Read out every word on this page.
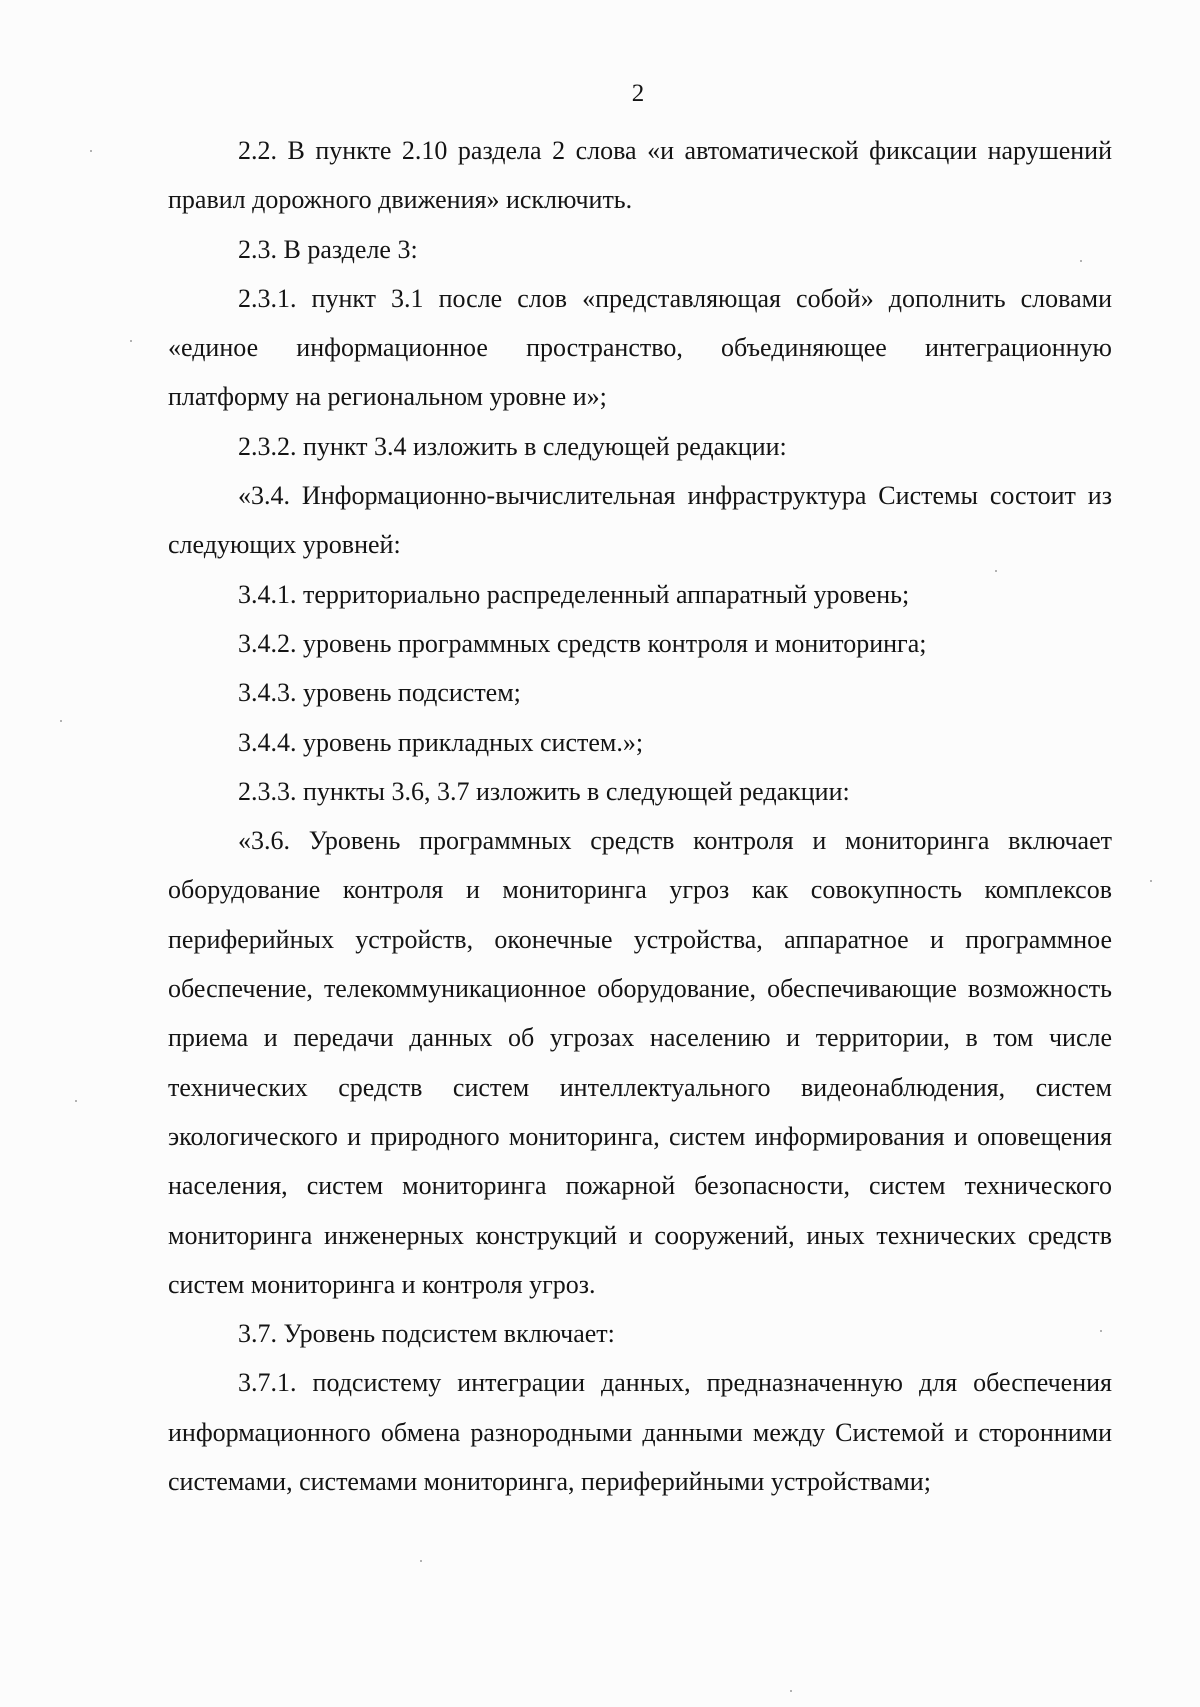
2

2.2. В пункте 2.10 раздела 2 слова «и автоматической фиксации нарушений правил дорожного движения» исключить.

2.3. В разделе 3:

2.3.1. пункт 3.1 после слов «представляющая собой» дополнить словами «единое информационное пространство, объединяющее интеграционную платформу на региональном уровне и»;

2.3.2. пункт 3.4 изложить в следующей редакции:

«3.4. Информационно-вычислительная инфраструктура Системы состоит из следующих уровней:

3.4.1. территориально распределенный аппаратный уровень;

3.4.2. уровень программных средств контроля и мониторинга;

3.4.3. уровень подсистем;

3.4.4. уровень прикладных систем.»;

2.3.3. пункты 3.6, 3.7 изложить в следующей редакции:

«3.6. Уровень программных средств контроля и мониторинга включает оборудование контроля и мониторинга угроз как совокупность комплексов периферийных устройств, оконечные устройства, аппаратное и программное обеспечение, телекоммуникационное оборудование, обеспечивающие возможность приема и передачи данных об угрозах населению и территории, в том числе технических средств систем интеллектуального видеонаблюдения, систем экологического и природного мониторинга, систем информирования и оповещения населения, систем мониторинга пожарной безопасности, систем технического мониторинга инженерных конструкций и сооружений, иных технических средств систем мониторинга и контроля угроз.

3.7. Уровень подсистем включает:

3.7.1. подсистему интеграции данных, предназначенную для обеспечения информационного обмена разнородными данными между Системой и сторонними системами, системами мониторинга, периферийными устройствами;
